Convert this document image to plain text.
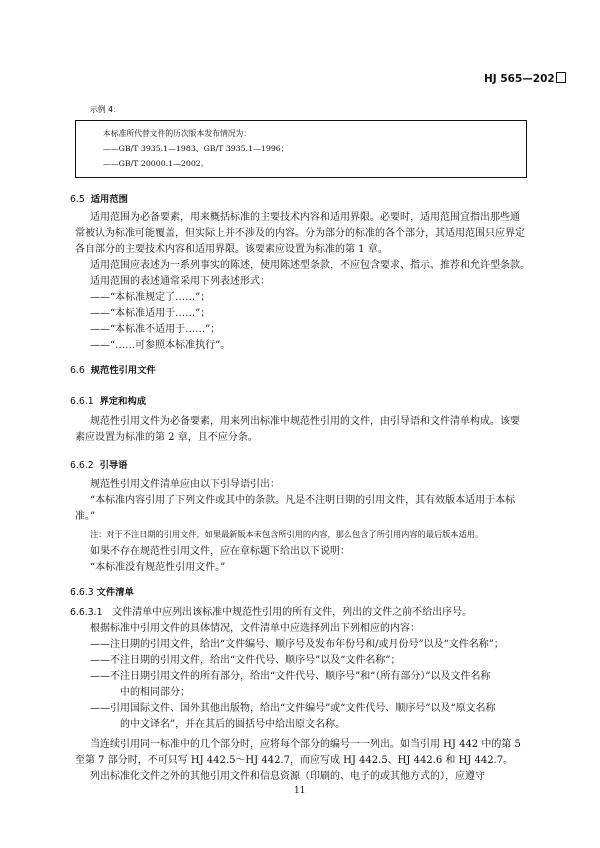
HJ 565—202
示例 4：
本标准所代替文件的历次版本发布情况为：
——GB/T 3935.1—1983、GB/T 3935.1—1996；
——GB/T 20000.1—2002。
6.5 适用范围
适用范围为必备要素，用来概括标准的主要技术内容和适用界限。必要时，适用范围宜指出那些通
常被认为标准可能覆盖，但实际上并不涉及的内容。分为部分的标准的各个部分，其适用范围只应界定
各自部分的主要技术内容和适用界限。该要素应设置为标准的第 1 章。
适用范围应表述为一系列事实的陈述，使用陈述型条款，不应包含要求、指示、推荐和允许型条款。
适用范围的表述通常采用下列表述形式：
——“本标准规定了……”；
——“本标准适用于……”；
——“本标准不适用于……”；
——“……可参照本标准执行”。
6.6 规范性引用文件
6.6.1 界定和构成
规范性引用文件为必备要素，用来列出标准中规范性引用的文件，由引导语和文件清单构成。该要
素应设置为标准的第 2 章，且不应分条。
6.6.2 引导语
规范性引用文件清单应由以下引导语引出：
“本标准内容引用了下列文件或其中的条款。凡是不注明日期的引用文件，其有效版本适用于本标
准。”
注：对于不注日期的引用文件，如果最新版本未包含所引用的内容，那么包含了所引用内容的最后版本适用。
如果不存在规范性引用文件，应在章标题下给出以下说明：
“本标准没有规范性引用文件。”
6.6.3 文件清单
6.6.3.1 文件清单中应列出该标准中规范性引用的所有文件，列出的文件之前不给出序号。
根据标准中引用文件的具体情况，文件清单中应选择列出下列相应的内容：
——注日期的引用文件，给出“文件编号、顺序号及发布年份号和/或月份号”以及“文件名称”；
——不注日期的引用文件，给出“文件代号、顺序号”以及“文件名称”；
——不注日期引用文件的所有部分，给出“文件代号、顺序号”和“（所有部分）”以及文件名称
中的相同部分；
——引用国际文件、国外其他出版物，给出“文件编号”或“文件代号、顺序号”以及“原文名称
的中文译名”，并在其后的圆括号中给出原文名称。
当连续引用同一标准中的几个部分时，应将每个部分的编号一一列出。如当引用 HJ 442 中的第 5
至第 7 部分时，不可只写 HJ 442.5～HJ 442.7，而应写成 HJ 442.5、HJ 442.6 和 HJ 442.7。
列出标准化文件之外的其他引用文件和信息资源（印刷的、电子的或其他方式的），应遵守
11
